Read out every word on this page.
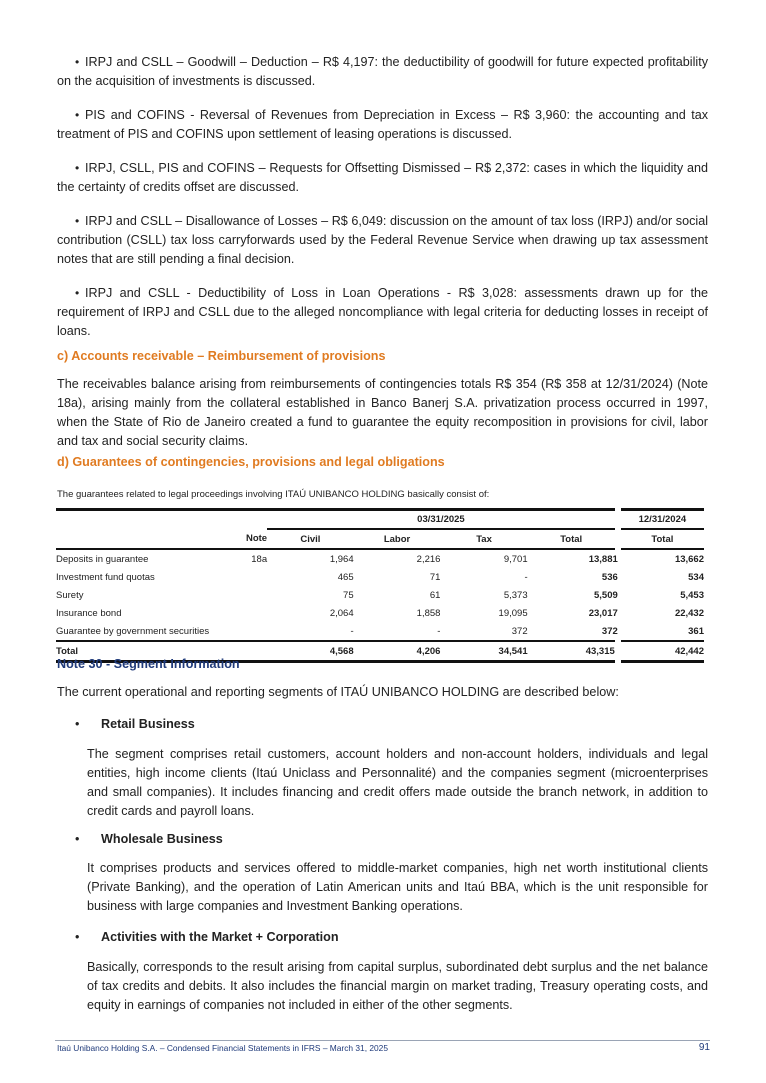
• IRPJ and CSLL – Goodwill – Deduction – R$ 4,197: the deductibility of goodwill for future expected profitability on the acquisition of investments is discussed.

• PIS and COFINS - Reversal of Revenues from Depreciation in Excess – R$ 3,960: the accounting and tax treatment of PIS and COFINS upon settlement of leasing operations is discussed.

• IRPJ, CSLL, PIS and COFINS – Requests for Offsetting Dismissed – R$ 2,372: cases in which the liquidity and the certainty of credits offset are discussed.

• IRPJ and CSLL – Disallowance of Losses – R$ 6,049: discussion on the amount of tax loss (IRPJ) and/or social contribution (CSLL) tax loss carryforwards used by the Federal Revenue Service when drawing up tax assessment notes that are still pending a final decision.

• IRPJ and CSLL - Deductibility of Loss in Loan Operations - R$ 3,028: assessments drawn up for the requirement of IRPJ and CSLL due to the alleged noncompliance with legal criteria for deducting losses in receipt of loans.

c) Accounts receivable – Reimbursement of provisions

The receivables balance arising from reimbursements of contingencies totals R$ 354 (R$ 358 at 12/31/2024) (Note 18a), arising mainly from the collateral established in Banco Banerj S.A. privatization process occurred in 1997, when the State of Rio de Janeiro created a fund to guarantee the equity recomposition in provisions for civil, labor and tax and social security claims.

d) Guarantees of contingencies, provisions and legal obligations

The guarantees related to legal proceedings involving ITAÚ UNIBANCO HOLDING basically consist of:
		03/31/2025				12/31/2024
	Note	Civil	Labor	Tax	Total	Total
Deposits in guarantee	18a	1,964	2,216	9,701	13,881	13,662
Investment fund quotas		465	71	-	536	534
Surety		75	61	5,373	5,509	5,453
Insurance bond		2,064	1,858	19,095	23,017	22,432
Guarantee by government securities		-	-	372	372	361
Total		4,568	4,206	34,541	43,315	42,442

Note 30 - Segment Information

The current operational and reporting segments of ITAÚ UNIBANCO HOLDING are described below:

• Retail Business
The segment comprises retail customers, account holders and non-account holders, individuals and legal entities, high income clients (Itaú Uniclass and Personnalité) and the companies segment (microenterprises and small companies). It includes financing and credit offers made outside the branch network, in addition to credit cards and payroll loans.
• Wholesale Business
It comprises products and services offered to middle-market companies, high net worth institutional clients (Private Banking), and the operation of Latin American units and Itaú BBA, which is the unit responsible for business with large companies and Investment Banking operations.
• Activities with the Market + Corporation
Basically, corresponds to the result arising from capital surplus, subordinated debt surplus and the net balance of tax credits and debits. It also includes the financial margin on market trading, Treasury operating costs, and equity in earnings of companies not included in either of the other segments.
Itaú Unibanco Holding S.A. – Condensed Financial Statements in IFRS – March 31, 2025	91
